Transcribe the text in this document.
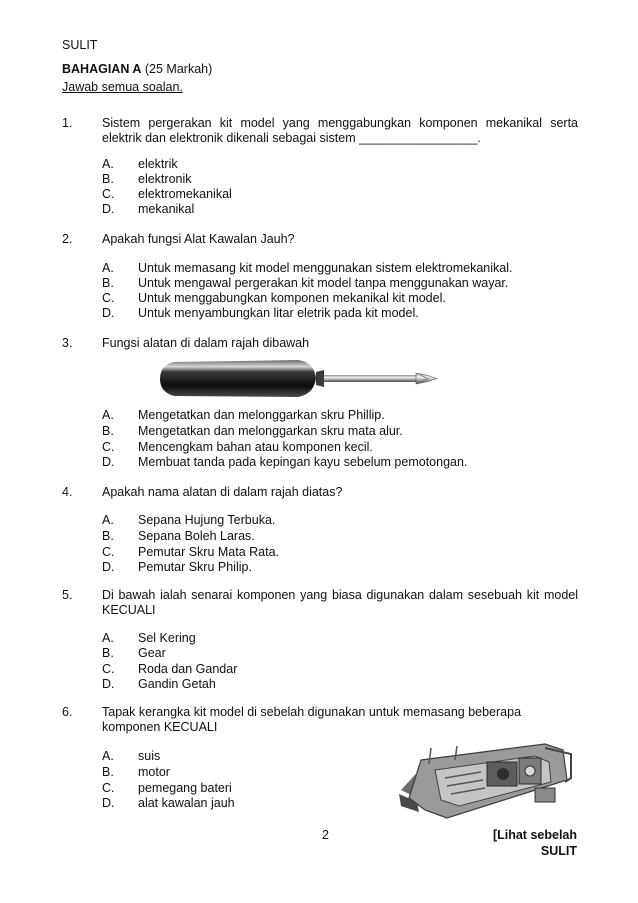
SULIT
BAHAGIAN A (25 Markah)
Jawab semua soalan.
1. Sistem pergerakan kit model yang menggabungkan komponen mekanikal serta elektrik dan elektronik dikenali sebagai sistem _________________.
A. elektrik
B. elektronik
C. elektromekanikal
D. mekanikal
2. Apakah fungsi Alat Kawalan Jauh?
A. Untuk memasang kit model menggunakan sistem elektromekanikal.
B. Untuk mengawal pergerakan kit model tanpa menggunakan wayar.
C. Untuk menggabungkan komponen mekanikal kit model.
D. Untuk menyambungkan litar eletrik pada kit model.
3. Fungsi alatan di dalam rajah dibawah
A. Mengetatkan dan melonggarkan skru Phillip.
B. Mengetatkan dan melonggarkan skru mata alur.
C. Mencengkam bahan atau komponen kecil.
D. Membuat tanda pada kepingan kayu sebelum pemotongan.
4. Apakah nama alatan di dalam rajah diatas?
A. Sepana Hujung Terbuka.
B. Sepana Boleh Laras.
C. Pemutar Skru Mata Rata.
D. Pemutar Skru Philip.
5. Di bawah ialah senarai komponen yang biasa digunakan dalam sesebuah kit model KECUALI
A. Sel Kering
B. Gear
C. Roda dan Gandar
D. Gandin Getah
6. Tapak kerangka kit model di sebelah digunakan untuk memasang beberapa komponen KECUALI
A. suis
B. motor
C. pemegang bateri
D. alat kawalan jauh
2	[Lihat sebelah
SULIT
